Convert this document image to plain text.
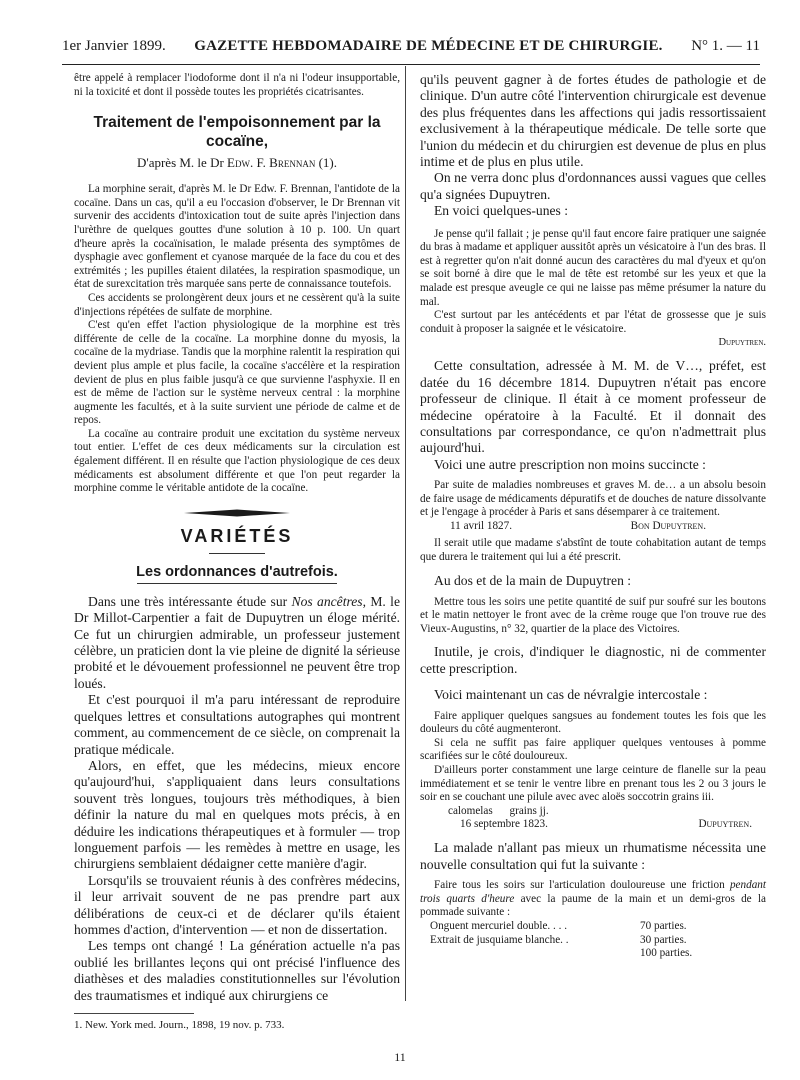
1er Janvier 1899. GAZETTE HEBDOMADAIRE DE MÉDECINE ET DE CHIRURGIE. N° 1. — 11

être appelé à remplacer l'iodoforme dont il n'a ni l'odeur insupportable, ni la toxicité et dont il possède toutes les propriétés cicatrisantes.

Traitement de l'empoisonnement par la cocaïne,

D'après M. le Dr Edw. F. Brennan (1).

La morphine serait, d'après M. le Dr Edw. F. Brennan, l'antidote de la cocaïne. Dans un cas, qu'il a eu l'occasion d'observer, le Dr Brennan vit survenir des accidents d'intoxication tout de suite après l'injection dans l'urèthre de quelques gouttes d'une solution à 10 p. 100. Un quart d'heure après la cocaïnisation, le malade présenta des symptômes de dysphagie avec gonflement et cyanose marquée de la face du cou et des extrémités ; les pupilles étaient dilatées, la respiration spasmodique, un état de surexcitation très marquée sans perte de connaissance toutefois.

Ces accidents se prolongèrent deux jours et ne cessèrent qu'à la suite d'injections répétées de sulfate de morphine.

C'est qu'en effet l'action physiologique de la morphine est très différente de celle de la cocaïne. La morphine donne du myosis, la cocaïne de la mydriase. Tandis que la morphine ralentit la respiration qui devient plus ample et plus facile, la cocaïne s'accélère et la respiration devient de plus en plus faible jusqu'à ce que survienne l'asphyxie. Il en est de même de l'action sur le système nerveux central : la morphine augmente les facultés, et à la suite survient une période de calme et de repos.

La cocaïne au contraire produit une excitation du système nerveux tout entier. L'effet de ces deux médicaments sur la circulation est également différent. Il en résulte que l'action physiologique de ces deux médicaments est absolument différente et que l'on peut regarder la morphine comme le véritable antidote de la cocaïne.

VARIÉTÉS

Les ordonnances d'autrefois.

Dans une très intéressante étude sur Nos ancêtres, M. le Dr Millot-Carpentier a fait de Dupuytren un éloge mérité. Ce fut un chirurgien admirable, un professeur justement célèbre, un praticien dont la vie pleine de dignité la sérieuse probité et le dévouement professionnel ne peuvent être trop loués.

Et c'est pourquoi il m'a paru intéressant de reproduire quelques lettres et consultations autographes qui montrent comment, au commencement de ce siècle, on comprenait la pratique médicale.

Alors, en effet, que les médecins, mieux encore qu'aujourd'hui, s'appliquaient dans leurs consultations souvent très longues, toujours très méthodiques, à bien définir la nature du mal en quelques mots précis, à en déduire les indications thérapeutiques et à formuler — trop longuement parfois — les remèdes à mettre en usage, les chirurgiens semblaient dédaigner cette manière d'agir.

Lorsqu'ils se trouvaient réunis à des confrères médecins, il leur arrivait souvent de ne pas prendre part aux délibérations de ceux-ci et de déclarer qu'ils étaient hommes d'action, d'intervention — et non de dissertation.

Les temps ont changé ! La génération actuelle n'a pas oublié les brillantes leçons qui ont précisé l'influence des diathèses et des maladies constitutionnelles sur l'évolution des traumatismes et indiqué aux chirurgiens ce

qu'ils peuvent gagner à de fortes études de pathologie et de clinique. D'un autre côté l'intervention chirurgicale est devenue des plus fréquentes dans les affections qui jadis ressortissaient exclusivement à la thérapeutique médicale. De telle sorte que l'union du médecin et du chirurgien est devenue de plus en plus intime et de plus en plus utile.

On ne verra donc plus d'ordonnances aussi vagues que celles qu'a signées Dupuytren.

En voici quelques-unes :

Je pense qu'il fallait ; je pense qu'il faut encore faire pratiquer une saignée du bras à madame et appliquer aussitôt après un vésicatoire à l'un des bras. Il est à regretter qu'on n'ait donné aucun des caractères du mal d'yeux et qu'on se soit borné à dire que le mal de tête est retombé sur les yeux et que la malade est presque aveugle ce qui ne laisse pas même présumer la nature du mal.

C'est surtout par les antécédents et par l'état de grossesse que je suis conduit à proposer la saignée et le vésicatoire.

Dupuytren.

Cette consultation, adressée à M. M. de V…, préfet, est datée du 16 décembre 1814. Dupuytren n'était pas encore professeur de clinique. Il était à ce moment professeur de médecine opératoire à la Faculté. Et il donnait des consultations par correspondance, ce qu'on n'admettrait plus aujourd'hui.

Voici une autre prescription non moins succincte :

Par suite de maladies nombreuses et graves M. de… a un absolu besoin de faire usage de médicaments dépuratifs et de douches de nature dissolvante et je l'engage à procéder à Paris et sans désemparer à ce traitement.

11 avril 1827.	Bon Dupuytren.

Il serait utile que madame s'abstînt de toute cohabitation autant de temps que durera le traitement qui lui a été prescrit.

Au dos et de la main de Dupuytren :

Mettre tous les soirs une petite quantité de suif pur soufré sur les boutons et le matin nettoyer le front avec de la crème rouge que l'on trouve rue des Vieux-Augustins, n° 32, quartier de la place des Victoires.

Inutile, je crois, d'indiquer le diagnostic, ni de commenter cette prescription.

Voici maintenant un cas de névralgie intercostale :

Faire appliquer quelques sangsues au fondement toutes les fois que les douleurs du côté augmenteront.

Si cela ne suffit pas faire appliquer quelques ventouses à pomme scarifiées sur le côté douloureux.

D'ailleurs porter constamment une large ceinture de flanelle sur la peau immédiatement et se tenir le ventre libre en prenant tous les 2 ou 3 jours le soir en se couchant une pilule avec avec aloës soccotrin grains iii.

calomelas      grains jj.

16 septembre 1823.	Dupuytren.

La malade n'allant pas mieux un rhumatisme nécessita une nouvelle consultation qui fut la suivante :

Faire tous les soirs sur l'articulation douloureuse une friction pendant trois quarts d'heure avec la paume de la main et un demi-gros de la pommade suivante :

Onguent mercuriel double. . . .	70 parties.
Extrait de jusquiame blanche. .	30 parties.
100 parties.

1. New. York med. Journ., 1898, 19 nov. p. 733.

11
